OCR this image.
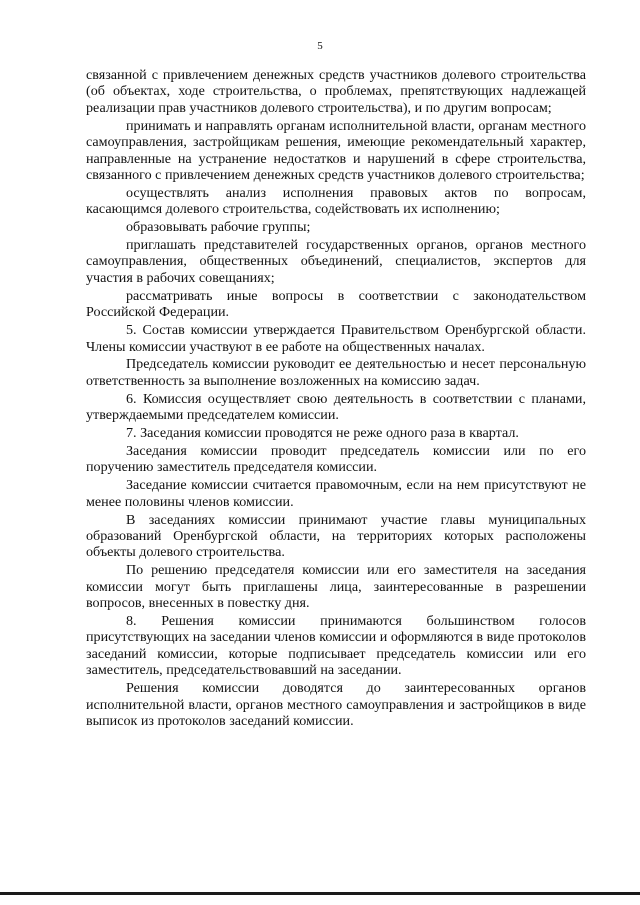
5

связанной с привлечением денежных средств участников долевого строительства (об объектах, ходе строительства, о проблемах, препятствующих надлежащей реализации прав участников долевого строительства), и по другим вопросам;

принимать и направлять органам исполнительной власти, органам местного самоуправления, застройщикам решения, имеющие рекомендательный характер, направленные на устранение недостатков и нарушений в сфере строительства, связанного с привлечением денежных средств участников долевого строительства;

осуществлять анализ исполнения правовых актов по вопросам, касающимся долевого строительства, содействовать их исполнению;

образовывать рабочие группы;

приглашать представителей государственных органов, органов местного самоуправления, общественных объединений, специалистов, экспертов для участия в рабочих совещаниях;

рассматривать иные вопросы в соответствии с законодательством Российской Федерации.

5. Состав комиссии утверждается Правительством Оренбургской области. Члены комиссии участвуют в ее работе на общественных началах.

Председатель комиссии руководит ее деятельностью и несет персональную ответственность за выполнение возложенных на комиссию задач.

6. Комиссия осуществляет свою деятельность в соответствии с планами, утверждаемыми председателем комиссии.

7. Заседания комиссии проводятся не реже одного раза в квартал.

Заседания комиссии проводит председатель комиссии или по его поручению заместитель председателя комиссии.

Заседание комиссии считается правомочным, если на нем присутствуют не менее половины членов комиссии.

В заседаниях комиссии принимают участие главы муниципальных образований Оренбургской области, на территориях которых расположены объекты долевого строительства.

По решению председателя комиссии или его заместителя на заседания комиссии могут быть приглашены лица, заинтересованные в разрешении вопросов, внесенных в повестку дня.

8. Решения комиссии принимаются большинством голосов присутствующих на заседании членов комиссии и оформляются в виде протоколов заседаний комиссии, которые подписывает председатель комиссии или его заместитель, председательствовавший на заседании.

Решения комиссии доводятся до заинтересованных органов исполнительной власти, органов местного самоуправления и застройщиков в виде выписок из протоколов заседаний комиссии.
